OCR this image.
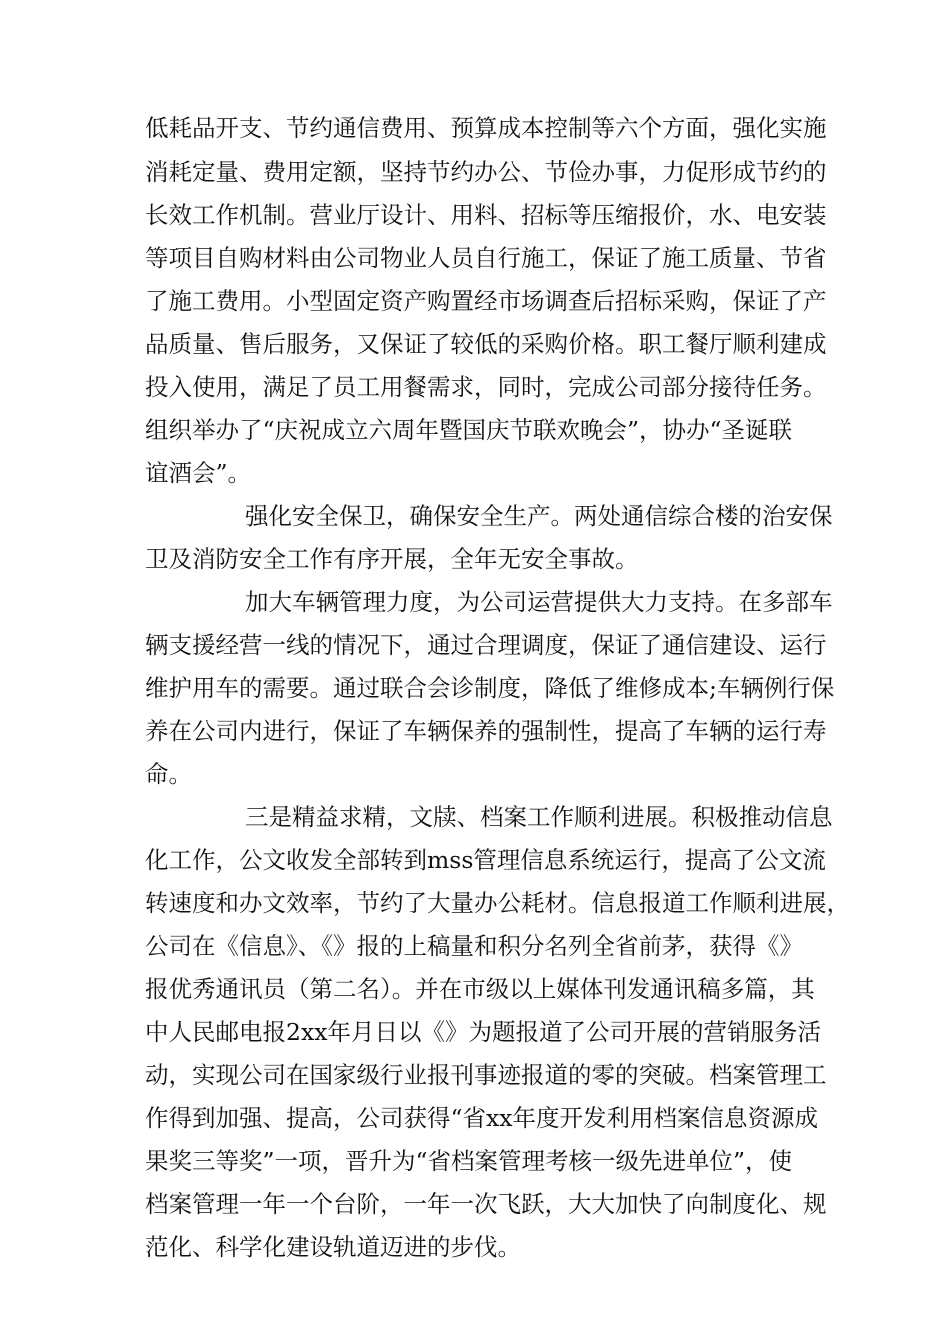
低耗品开支、节约通信费用、预算成本控制等六个方面，强化实施
消耗定量、费用定额，坚持节约办公、节俭办事，力促形成节约的
长效工作机制。营业厅设计、用料、招标等压缩报价，水、电安装
等项目自购材料由公司物业人员自行施工，保证了施工质量、节省
了施工费用。小型固定资产购置经市场调查后招标采购，保证了产
品质量、售后服务，又保证了较低的采购价格。职工餐厅顺利建成
投入使用，满足了员工用餐需求，同时，完成公司部分接待任务。
组织举办了“庆祝成立六周年暨国庆节联欢晚会”，协办“圣诞联
谊酒会”。
强化安全保卫，确保安全生产。两处通信综合楼的治安保
卫及消防安全工作有序开展，全年无安全事故。
加大车辆管理力度，为公司运营提供大力支持。在多部车
辆支援经营一线的情况下，通过合理调度，保证了通信建设、运行
维护用车的需要。通过联合会诊制度，降低了维修成本;车辆例行保
养在公司内进行，保证了车辆保养的强制性，提高了车辆的运行寿
命。
三是精益求精，文牍、档案工作顺利进展。积极推动信息
化工作，公文收发全部转到mss管理信息系统运行，提高了公文流
转速度和办文效率，节约了大量办公耗材。信息报道工作顺利进展，
公司在《信息》、《》报的上稿量和积分名列全省前茅，获得《》
报优秀通讯员（第二名）。并在市级以上媒体刊发通讯稿多篇，其
中人民邮电报2xx年月日以《》为题报道了公司开展的营销服务活
动，实现公司在国家级行业报刊事迹报道的零的突破。档案管理工
作得到加强、提高，公司获得“省xx年度开发利用档案信息资源成
果奖三等奖”一项，晋升为“省档案管理考核一级先进单位”，使
档案管理一年一个台阶，一年一次飞跃，大大加快了向制度化、规
范化、科学化建设轨道迈进的步伐。
